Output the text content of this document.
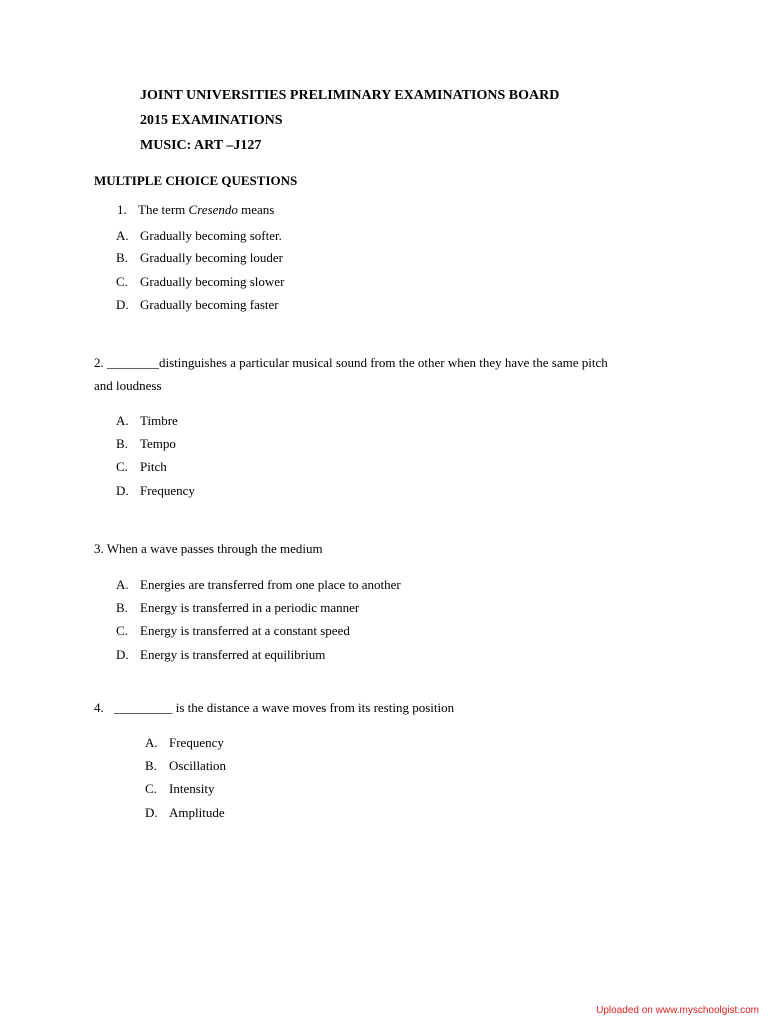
JOINT UNIVERSITIES PRELIMINARY EXAMINATIONS BOARD
2015 EXAMINATIONS
MUSIC: ART –J127
MULTIPLE CHOICE QUESTIONS
1. The term Cresendo means
A. Gradually becoming softer.
B. Gradually becoming louder
C. Gradually becoming slower
D. Gradually becoming faster
2. ________distinguishes a particular musical sound from the other when they have the same pitch
and loudness
A. Timbre
B. Tempo
C. Pitch
D. Frequency
3. When a wave passes through the medium
A. Energies are transferred from one place to another
B. Energy is transferred in a periodic manner
C. Energy is transferred at a constant speed
D. Energy is transferred at equilibrium
4. _________ is the distance a wave moves from its resting position
A. Frequency
B. Oscillation
C. Intensity
D. Amplitude
Uploaded on www.myschoolgist.com
